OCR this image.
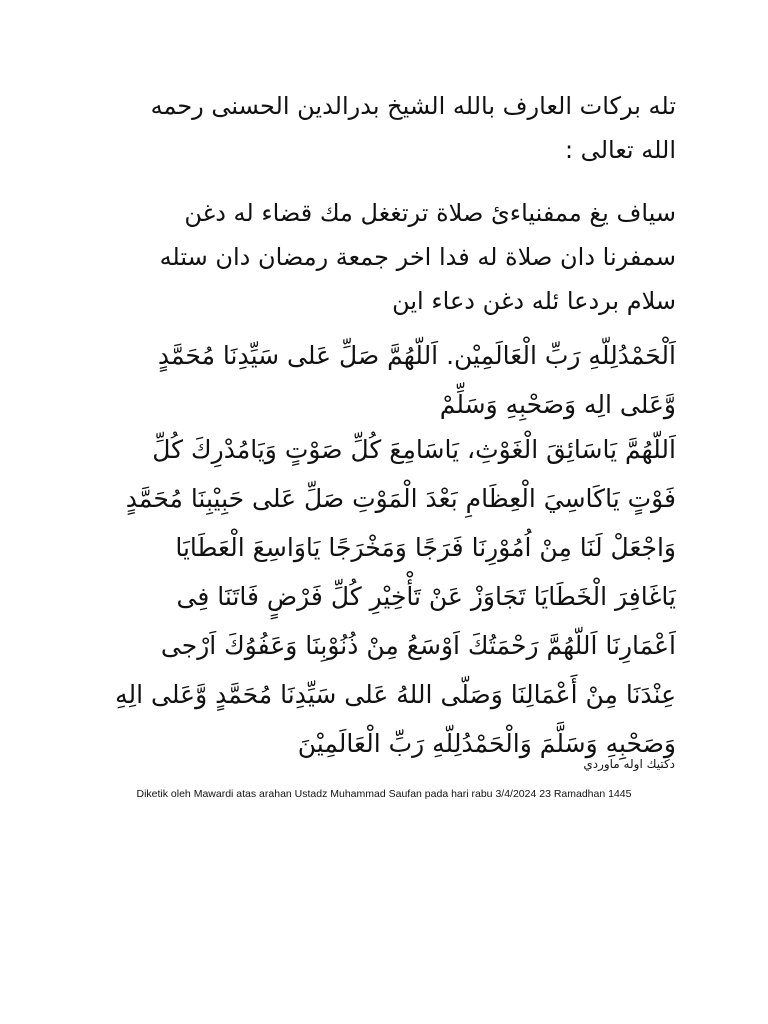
تله بركات العارف بالله الشيخ بدرالدين الحسنى رحمه
الله تعالى :
سياف يغ ممفنياءﺉ صلاة ترتغغل مك قضاء له دغن
سمفرنا دان صلاة له فدا اخر جمعة رمضان دان ستله
سلام بردعا ئله دغن دعاء اين
اَلْحَمْدُلِلّهِ رَبِّ الْعَالَمِيْن. اَللّهُمَّ صَلِّ عَلى سَيِّدِنَا مُحَمَّدٍ
وَّعَلى الِه وَصَحْبِهِ وَسَلِّمْ
اَللّهُمَّ يَاسَائِقَ الْغَوْثِ، يَاسَامِعَ كُلِّ صَوْتٍ وَيَامُدْرِكَ كُلِّ
فَوْتٍ يَاكَاسِيَ الْعِظَامِ بَعْدَ الْمَوْتِ صَلِّ عَلى حَبِيْبِنَا مُحَمَّدٍ
وَاجْعَلْ لَنَا مِنْ اُمُوْرِنَا فَرَجًا وَمَخْرَجًا يَاوَاسِعَ الْعَطَايَا
يَاغَافِرَ الْخَطَايَا تَجَاوَزْ عَنْ تَأْخِيْرِ كُلِّ فَرْضٍ فَاتَنَا فِى
اَعْمَارِنَا اَللّهُمَّ رَحْمَتُكَ اَوْسَعُ مِنْ ذُنُوْبِنَا وَعَفُوُكَ اَرْجى
عِنْدَنَا مِنْ أَعْمَالِنَا وَصَلّى اللهُ عَلى سَيِّدِنَا مُحَمَّدٍ وَّعَلى الِهِ
وَصَحْبِهِ وَسَلَّمَ وَالْحَمْدُلِلّهِ رَبِّ الْعَالَمِيْنَ
دكتيك اوله ماوردي
Diketik oleh Mawardi atas arahan Ustadz Muhammad Saufan pada hari rabu 3/4/2024 23 Ramadhan 1445
